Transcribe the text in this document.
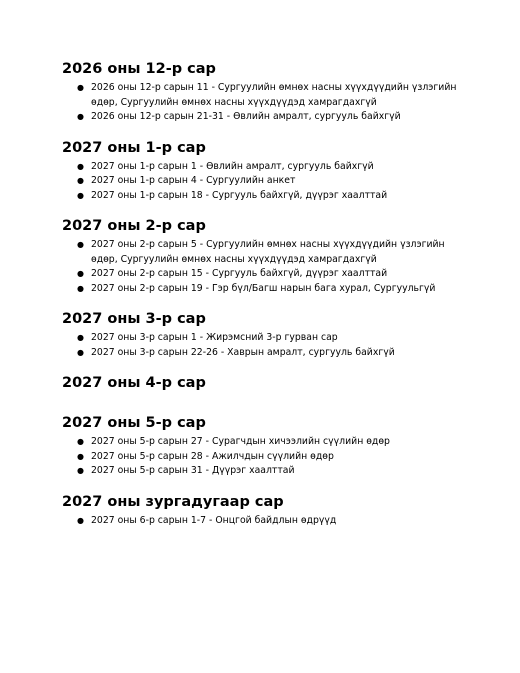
2026 оны 12-р сар
● 2026 оны 12-р сарын 11 - Сургуулийн өмнөх насны хүүхдүүдийн үзлэгийн өдөр, Сургуулийн өмнөх насны хүүхдүүдэд хамрагдахгүй
● 2026 оны 12-р сарын 21-31 - Өвлийн амралт, сургууль байхгүй
2027 оны 1-р сар
● 2027 оны 1-р сарын 1 - Өвлийн амралт, сургууль байхгүй
● 2027 оны 1-р сарын 4 - Сургуулийн анкет
● 2027 оны 1-р сарын 18 - Сургууль байхгүй, дүүрэг хаалттай
2027 оны 2-р сар
● 2027 оны 2-р сарын 5 - Сургуулийн өмнөх насны хүүхдүүдийн үзлэгийн өдөр, Сургуулийн өмнөх насны хүүхдүүдэд хамрагдахгүй
● 2027 оны 2-р сарын 15 - Сургууль байхгүй, дүүрэг хаалттай
● 2027 оны 2-р сарын 19 - Гэр бүл/Багш нарын бага хурал, Сургуульгүй
2027 оны 3-р сар
● 2027 оны 3-р сарын 1 - Жирэмсний 3-р гурван сар
● 2027 оны 3-р сарын 22-26 - Хаврын амралт, сургууль байхгүй
2027 оны 4-р сар
2027 оны 5-р сар
● 2027 оны 5-р сарын 27 - Сурагчдын хичээлийн сүүлийн өдөр
● 2027 оны 5-р сарын 28 - Ажилчдын сүүлийн өдөр
● 2027 оны 5-р сарын 31 - Дүүрэг хаалттай
2027 оны зургадугаар сар
● 2027 оны 6-р сарын 1-7 - Онцгой байдлын өдрүүд
